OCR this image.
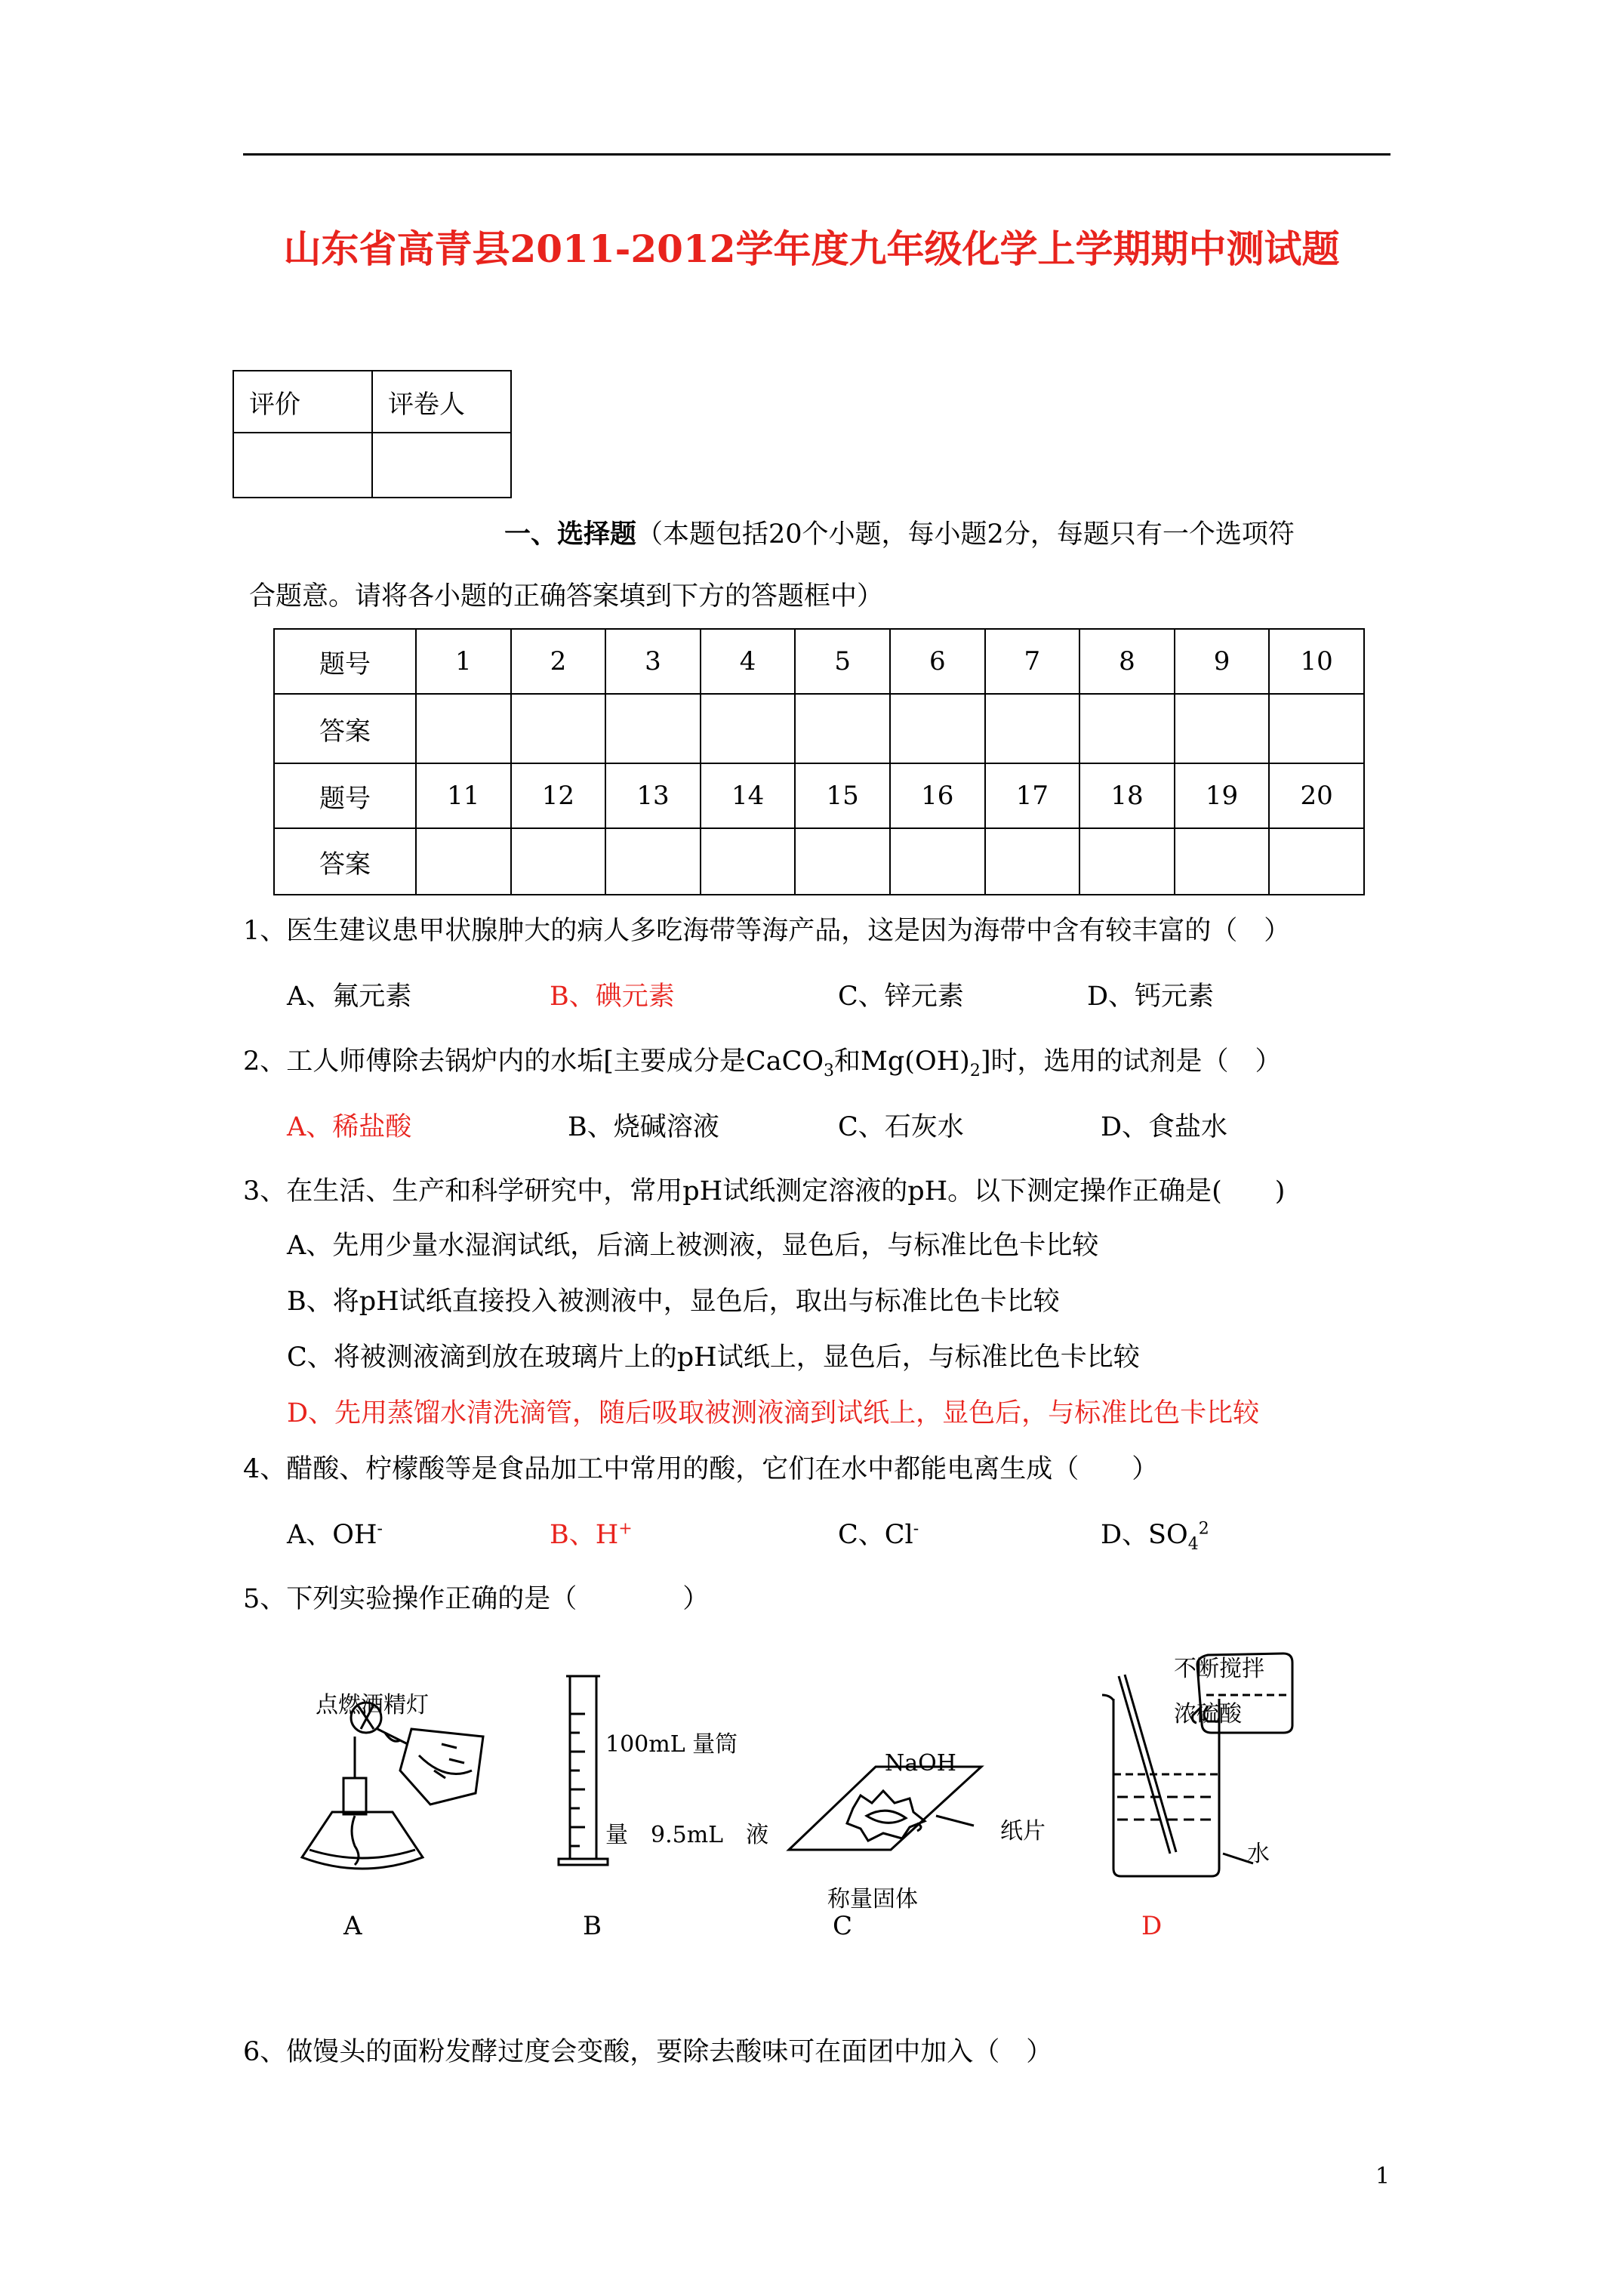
山东省高青县2011-2012学年度九年级化学上学期期中测试题
评价	评卷人

一、选择题（本题包括20个小题，每小题2分，每题只有一个选项符
合题意。请将各小题的正确答案填到下方的答题框中）
题号	1	2	3	4	5	6	7	8	9	10
答案										
题号	11	12	13	14	15	16	17	18	19	20
答案										
1、医生建议患甲状腺肿大的病人多吃海带等海产品，这是因为海带中含有较丰富的（　）
A、氟元素	B、碘元素	C、锌元素	D、钙元素
2、工人师傅除去锅炉内的水垢[主要成分是CaCO$_3$和$Mg(OH)_2$]时，选用的试剂是（　）
A、稀盐酸	B、烧碱溶液	C、石灰水	D、食盐水
3、在生活、生产和科学研究中，常用pH试纸测定溶液的pH。以下测定操作正确是(　　)
A、先用少量水湿润试纸，后滴上被测液，显色后，与标准比色卡比较
B、将pH试纸直接投入被测液中，显色后，取出与标准比色卡比较
C、将被测液滴到放在玻璃片上的pH试纸上，显色后，与标准比色卡比较
D、先用蒸馏水清洗滴管，随后吸取被测液滴到试纸上，显色后，与标准比色卡比较
4、醋酸、柠檬酸等是食品加工中常用的酸，它们在水中都能电离生成（　　）
A、OH-	B、H+	C、Cl-	D、$SO_4^2$
5、下列实验操作正确的是（　　　　）
点燃酒精灯
100mL 量筒
量　9.5mL　液
NaOH
纸片
称量固体
不断搅拌
浓硫酸
水
A	B	C	D
6、做馒头的面粉发酵过度会变酸，要除去酸味可在面团中加入（　）
1
